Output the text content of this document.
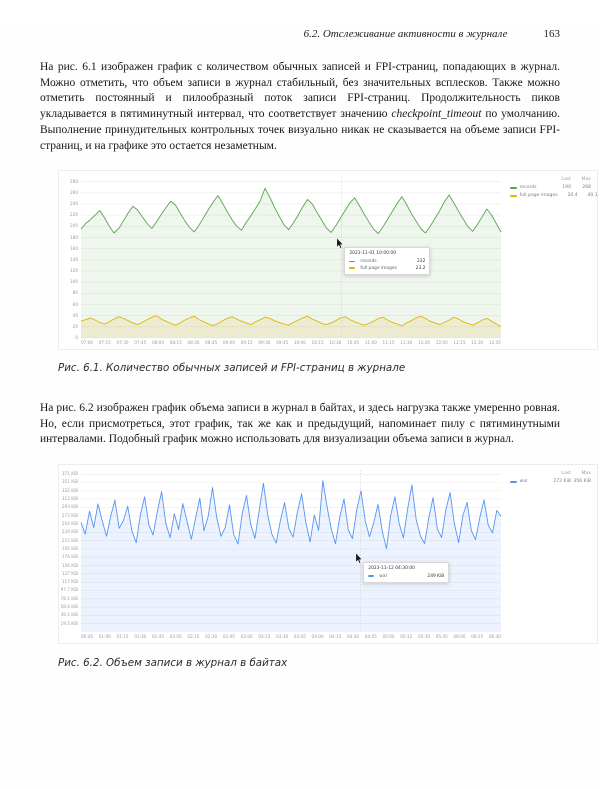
6.2. Отслеживание активности в журнале	163

На рис. 6.1 изображен график с количеством обычных записей и FPI-страниц, попадающих в журнал. Можно отметить, что объем записи в журнал стабильный, без значительных всплесков. Также можно отметить постоянный и пилообразный поток записи FPI-страниц. Продолжительность пиков укладывается в пятиминутный интервал, что соответствует значению checkpoint_timeout по умолчанию. Выполнение принудительных контрольных точек визуально никак не сказывается на объеме записи FPI-страниц, и на графике это остается незаметным.

280
260
240
220
200
180
160
140
120
100
80
60
40
20
0
2023-11-01 10:00:00
records	232
full page images	23.2
07:00 07:15 07:30 07:45 08:00 08:15 08:30 08:45 09:00 09:15 09:30 09:45 10:00 10:15 10:30 10:45 11:00 11:15 11:30 11:45 12:00 12:15 12:30 12:45
Last	Max
records	190	268
full page images	20.4	40.1

Рис. 6.1. Количество обычных записей и FPI-страниц в журнале

На рис. 6.2 изображен график объема записи в журнал в байтах, и здесь нагрузка также умеренно ровная. Но, если присмотреться, этот график, так же как и предыдущий, напоминает пилу с пятиминутными интервалами. Подобный график можно использовать для визуализации объема записи в журнал.

371 KiB
351 KiB
332 KiB
312 KiB
293 KiB
273 KiB
254 KiB
234 KiB
215 KiB
195 KiB
176 KiB
156 KiB
137 KiB
117 KiB
97.7 KiB
78.1 KiB
58.6 KiB
39.1 KiB
19.5 KiB
2023-11-12 04:30:00
wal	249 KiB
00:45 01:00 01:15 01:30 01:45 02:00 02:15 02:30 02:45 03:00 03:15 03:30 03:45 04:00 04:15 04:30 04:45 05:00 05:15 05:30 05:45 06:00 06:15 06:30
Last	Max
wal	272 KiB 356 KiB

Рис. 6.2. Объем записи в журнал в байтах
